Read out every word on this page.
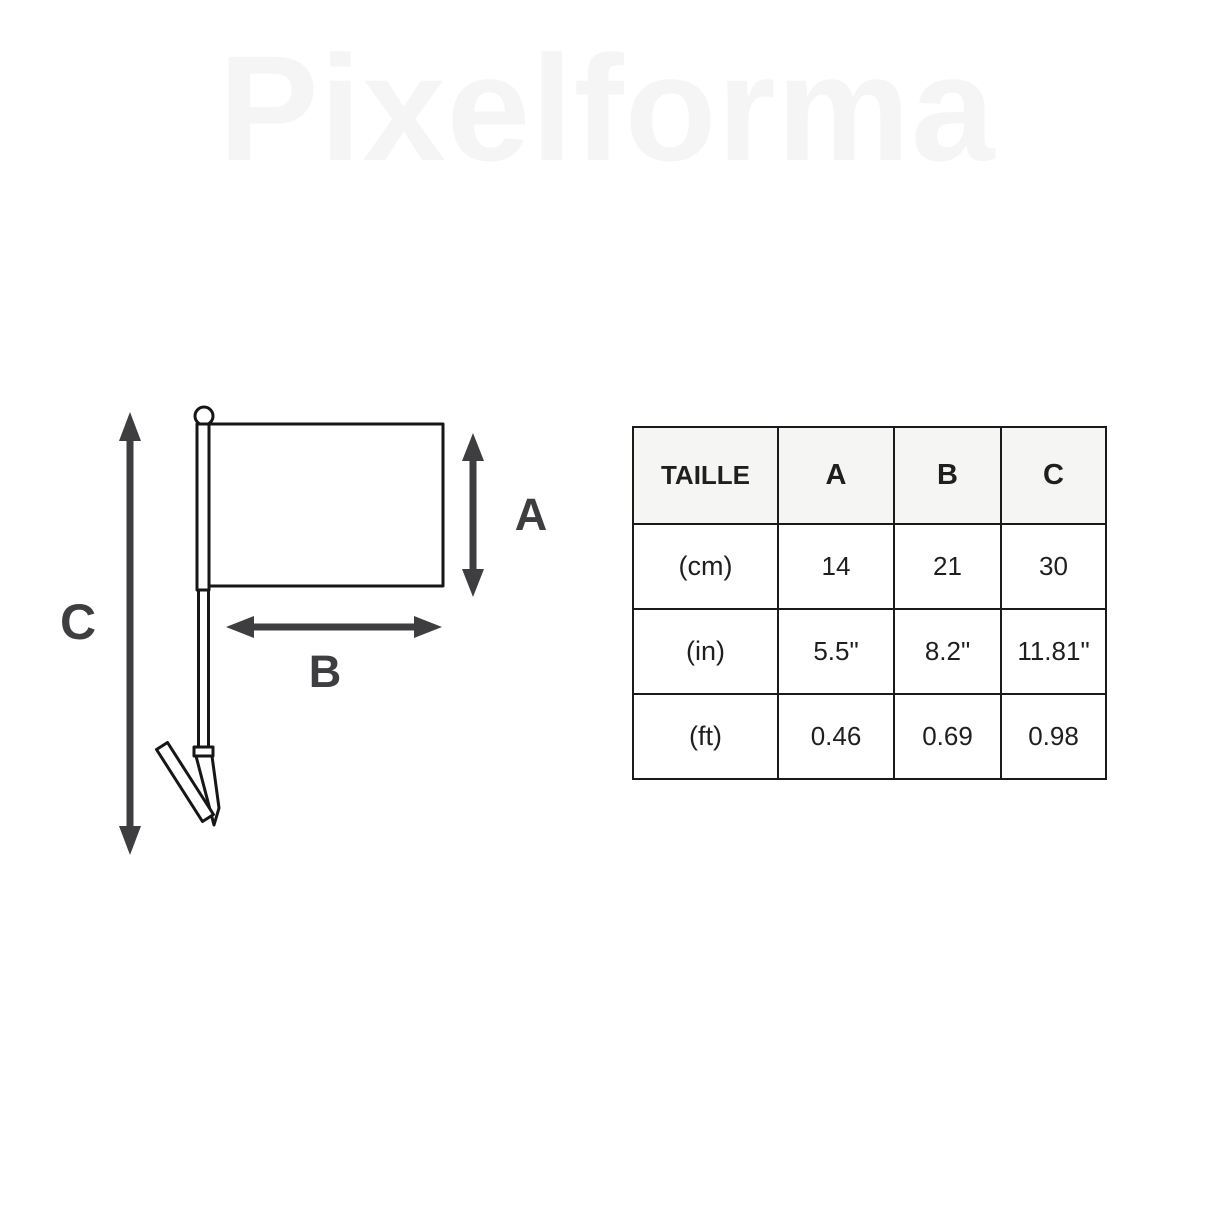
Pixelforma
C
A
B
TAILLE	A	B	C
(cm)	14	21	30
(in)	5.5"	8.2"	11.81"
(ft)	0.46	0.69	0.98
